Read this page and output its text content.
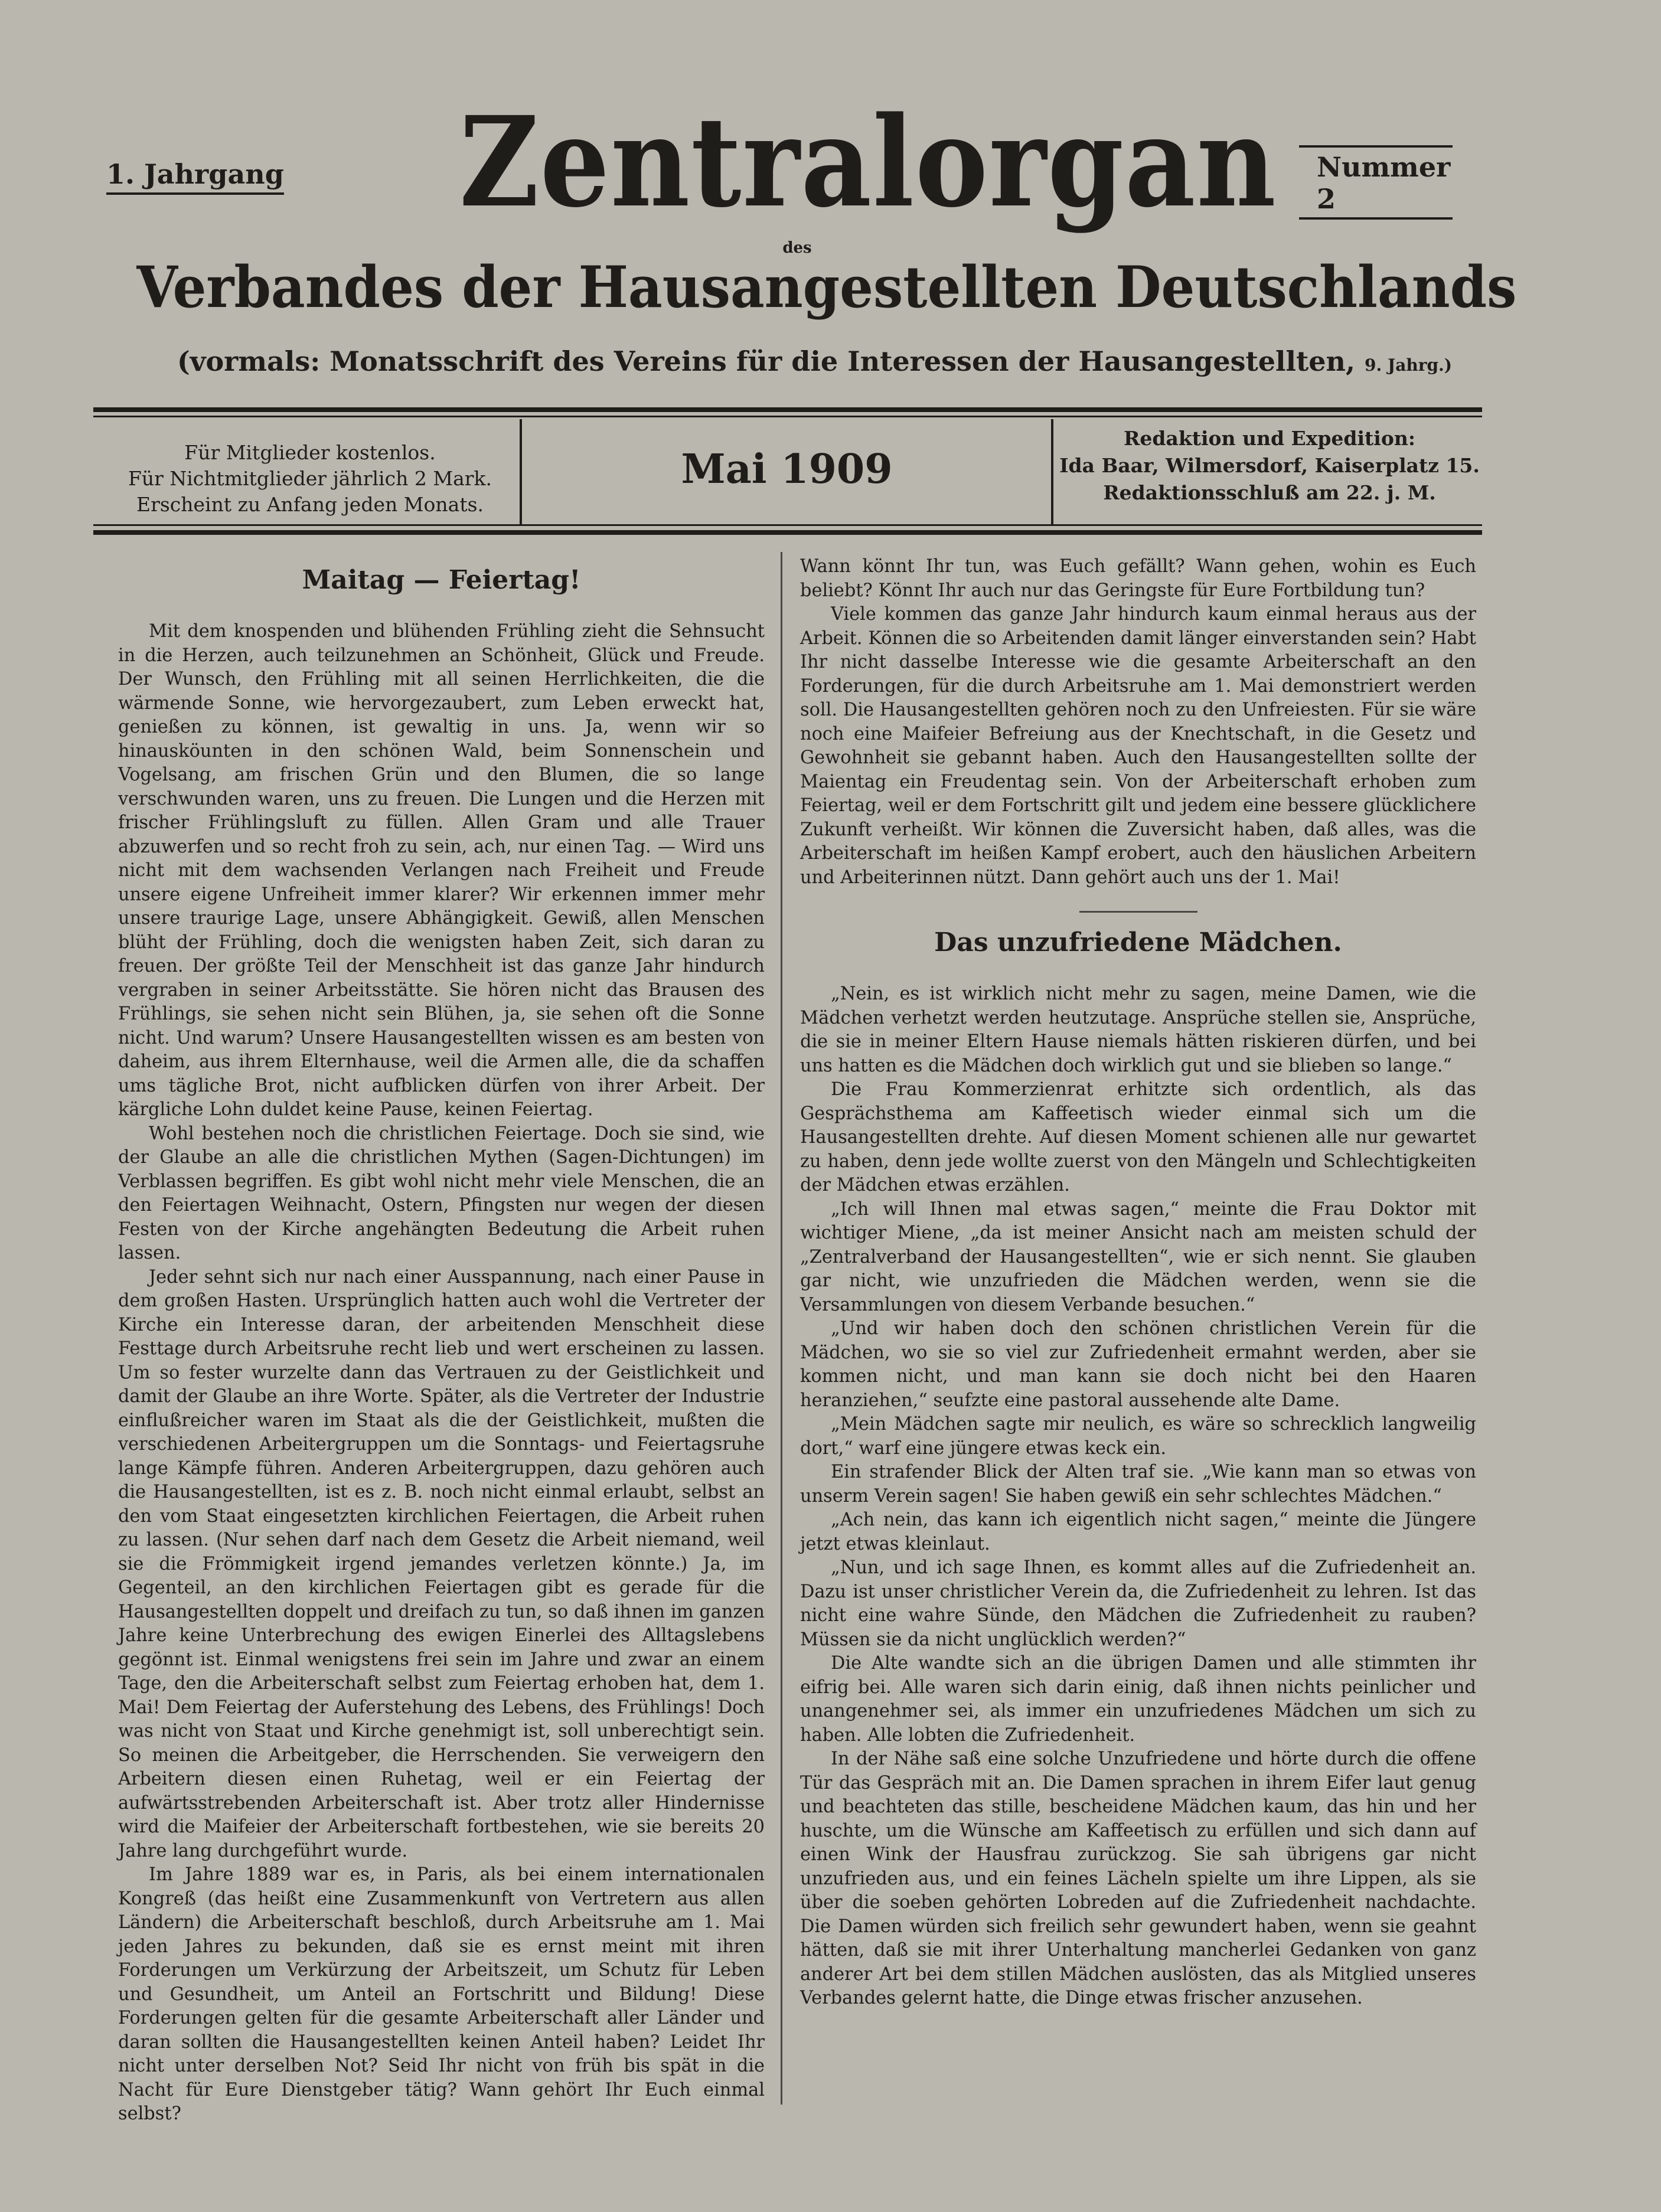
1. Jahrgang	Nummer 2
Zentralorgan
des
Verbandes der Hausangestellten Deutschlands
(vormals: Monatsschrift des Vereins für die Interessen der Hausangestellten, 9. Jahrg.)
Für Mitglieder kostenlos.
Für Nichtmitglieder jährlich 2 Mark.
Erscheint zu Anfang jeden Monats.
Mai 1909
Redaktion und Expedition:
Ida Baar, Wilmersdorf, Kaiserplatz 15.
Redaktionsschluß am 22. j. M.
Maitag — Feiertag!

Mit dem knospenden und blühenden Frühling zieht die Sehnsucht in die Herzen, auch teilzunehmen an Schönheit, Glück und Freude. Der Wunsch, den Frühling mit all seinen Herrlichkeiten, die die wärmende Sonne, wie hervorgezaubert, zum Leben erweckt hat, genießen zu können, ist gewaltig in uns. Ja, wenn wir so hinausköunten in den schönen Wald, beim Sonnenschein und Vogelsang, am frischen Grün und den Blumen, die so lange verschwunden waren, uns zu freuen. Die Lungen und die Herzen mit frischer Frühlingsluft zu füllen. Allen Gram und alle Trauer abzuwerfen und so recht froh zu sein, ach, nur einen Tag. — Wird uns nicht mit dem wachsenden Verlangen nach Freiheit und Freude unsere eigene Unfreiheit immer klarer? Wir erkennen immer mehr unsere traurige Lage, unsere Abhängigkeit. Gewiß, allen Menschen blüht der Frühling, doch die wenigsten haben Zeit, sich daran zu freuen. Der größte Teil der Menschheit ist das ganze Jahr hindurch vergraben in seiner Arbeitsstätte. Sie hören nicht das Brausen des Frühlings, sie sehen nicht sein Blühen, ja, sie sehen oft die Sonne nicht. Und warum? Unsere Hausangestellten wissen es am besten von daheim, aus ihrem Elternhause, weil die Armen alle, die da schaffen ums tägliche Brot, nicht aufblicken dürfen von ihrer Arbeit. Der kärgliche Lohn duldet keine Pause, keinen Feiertag.

Wohl bestehen noch die christlichen Feiertage. Doch sie sind, wie der Glaube an alle die christlichen Mythen (Sagen-Dichtungen) im Verblassen begriffen. Es gibt wohl nicht mehr viele Menschen, die an den Feiertagen Weihnacht, Ostern, Pfingsten nur wegen der diesen Festen von der Kirche angehängten Bedeutung die Arbeit ruhen lassen.

Jeder sehnt sich nur nach einer Ausspannung, nach einer Pause in dem großen Hasten. Ursprünglich hatten auch wohl die Vertreter der Kirche ein Interesse daran, der arbeitenden Menschheit diese Festtage durch Arbeitsruhe recht lieb und wert erscheinen zu lassen. Um so fester wurzelte dann das Vertrauen zu der Geistlichkeit und damit der Glaube an ihre Worte. Später, als die Vertreter der Industrie einflußreicher waren im Staat als die der Geistlichkeit, mußten die verschiedenen Arbeitergruppen um die Sonntags- und Feiertagsruhe lange Kämpfe führen. Anderen Arbeitergruppen, dazu gehören auch die Hausangestellten, ist es z. B. noch nicht einmal erlaubt, selbst an den vom Staat eingesetzten kirchlichen Feiertagen, die Arbeit ruhen zu lassen. (Nur sehen darf nach dem Gesetz die Arbeit niemand, weil sie die Frömmigkeit irgend jemandes verletzen könnte.) Ja, im Gegenteil, an den kirchlichen Feiertagen gibt es gerade für die Hausangestellten doppelt und dreifach zu tun, so daß ihnen im ganzen Jahre keine Unterbrechung des ewigen Einerlei des Alltagslebens gegönnt ist. Einmal wenigstens frei sein im Jahre und zwar an einem Tage, den die Arbeiterschaft selbst zum Feiertag erhoben hat, dem 1. Mai! Dem Feiertag der Auferstehung des Lebens, des Frühlings! Doch was nicht von Staat und Kirche genehmigt ist, soll unberechtigt sein. So meinen die Arbeitgeber, die Herrschenden. Sie verweigern den Arbeitern diesen einen Ruhetag, weil er ein Feiertag der aufwärtsstrebenden Arbeiterschaft ist. Aber trotz aller Hindernisse wird die Maifeier der Arbeiterschaft fortbestehen, wie sie bereits 20 Jahre lang durchgeführt wurde.

Im Jahre 1889 war es, in Paris, als bei einem internationalen Kongreß (das heißt eine Zusammenkunft von Vertretern aus allen Ländern) die Arbeiterschaft beschloß, durch Arbeitsruhe am 1. Mai jeden Jahres zu bekunden, daß sie es ernst meint mit ihren Forderungen um Verkürzung der Arbeitszeit, um Schutz für Leben und Gesundheit, um Anteil an Fortschritt und Bildung! Diese Forderungen gelten für die gesamte Arbeiterschaft aller Länder und daran sollten die Hausangestellten keinen Anteil haben? Leidet Ihr nicht unter derselben Not? Seid Ihr nicht von früh bis spät in die Nacht für Eure Dienstgeber tätig? Wann gehört Ihr Euch einmal selbst?

Wann könnt Ihr tun, was Euch gefällt? Wann gehen, wohin es Euch beliebt? Könnt Ihr auch nur das Geringste für Eure Fortbildung tun?

Viele kommen das ganze Jahr hindurch kaum einmal heraus aus der Arbeit. Können die so Arbeitenden damit länger einverstanden sein? Habt Ihr nicht dasselbe Interesse wie die gesamte Arbeiterschaft an den Forderungen, für die durch Arbeitsruhe am 1. Mai demonstriert werden soll. Die Hausangestellten gehören noch zu den Unfreiesten. Für sie wäre noch eine Maifeier Befreiung aus der Knechtschaft, in die Gesetz und Gewohnheit sie gebannt haben. Auch den Hausangestellten sollte der Maientag ein Freudentag sein. Von der Arbeiterschaft erhoben zum Feiertag, weil er dem Fortschritt gilt und jedem eine bessere glücklichere Zukunft verheißt. Wir können die Zuversicht haben, daß alles, was die Arbeiterschaft im heißen Kampf erobert, auch den häuslichen Arbeitern und Arbeiterinnen nützt. Dann gehört auch uns der 1. Mai!

Das unzufriedene Mädchen.

„Nein, es ist wirklich nicht mehr zu sagen, meine Damen, wie die Mädchen verhetzt werden heutzutage. Ansprüche stellen sie, Ansprüche, die sie in meiner Eltern Hause niemals hätten riskieren dürfen, und bei uns hatten es die Mädchen doch wirklich gut und sie blieben so lange.“

Die Frau Kommerzienrat erhitzte sich ordentlich, als das Gesprächsthema am Kaffeetisch wieder einmal sich um die Hausangestellten drehte. Auf diesen Moment schienen alle nur gewartet zu haben, denn jede wollte zuerst von den Mängeln und Schlechtigkeiten der Mädchen etwas erzählen.

„Ich will Ihnen mal etwas sagen,“ meinte die Frau Doktor mit wichtiger Miene, „da ist meiner Ansicht nach am meisten schuld der „Zentralverband der Hausangestellten“, wie er sich nennt. Sie glauben gar nicht, wie unzufrieden die Mädchen werden, wenn sie die Versammlungen von diesem Verbande besuchen.“

„Und wir haben doch den schönen christlichen Verein für die Mädchen, wo sie so viel zur Zufriedenheit ermahnt werden, aber sie kommen nicht, und man kann sie doch nicht bei den Haaren heranziehen,“ seufzte eine pastoral aussehende alte Dame.

„Mein Mädchen sagte mir neulich, es wäre so schrecklich langweilig dort,“ warf eine jüngere etwas keck ein.

Ein strafender Blick der Alten traf sie. „Wie kann man so etwas von unserm Verein sagen! Sie haben gewiß ein sehr schlechtes Mädchen.“

„Ach nein, das kann ich eigentlich nicht sagen,“ meinte die Jüngere jetzt etwas kleinlaut.

„Nun, und ich sage Ihnen, es kommt alles auf die Zufriedenheit an. Dazu ist unser christlicher Verein da, die Zufriedenheit zu lehren. Ist das nicht eine wahre Sünde, den Mädchen die Zufriedenheit zu rauben? Müssen sie da nicht unglücklich werden?“

Die Alte wandte sich an die übrigen Damen und alle stimmten ihr eifrig bei. Alle waren sich darin einig, daß ihnen nichts peinlicher und unangenehmer sei, als immer ein unzufriedenes Mädchen um sich zu haben. Alle lobten die Zufriedenheit.

In der Nähe saß eine solche Unzufriedene und hörte durch die offene Tür das Gespräch mit an. Die Damen sprachen in ihrem Eifer laut genug und beachteten das stille, bescheidene Mädchen kaum, das hin und her huschte, um die Wünsche am Kaffeetisch zu erfüllen und sich dann auf einen Wink der Hausfrau zurückzog. Sie sah übrigens gar nicht unzufrieden aus, und ein feines Lächeln spielte um ihre Lippen, als sie über die soeben gehörten Lobreden auf die Zufriedenheit nachdachte. Die Damen würden sich freilich sehr gewundert haben, wenn sie geahnt hätten, daß sie mit ihrer Unterhaltung mancherlei Gedanken von ganz anderer Art bei dem stillen Mädchen auslösten, das als Mitglied unseres Verbandes gelernt hatte, die Dinge etwas frischer anzusehen.
